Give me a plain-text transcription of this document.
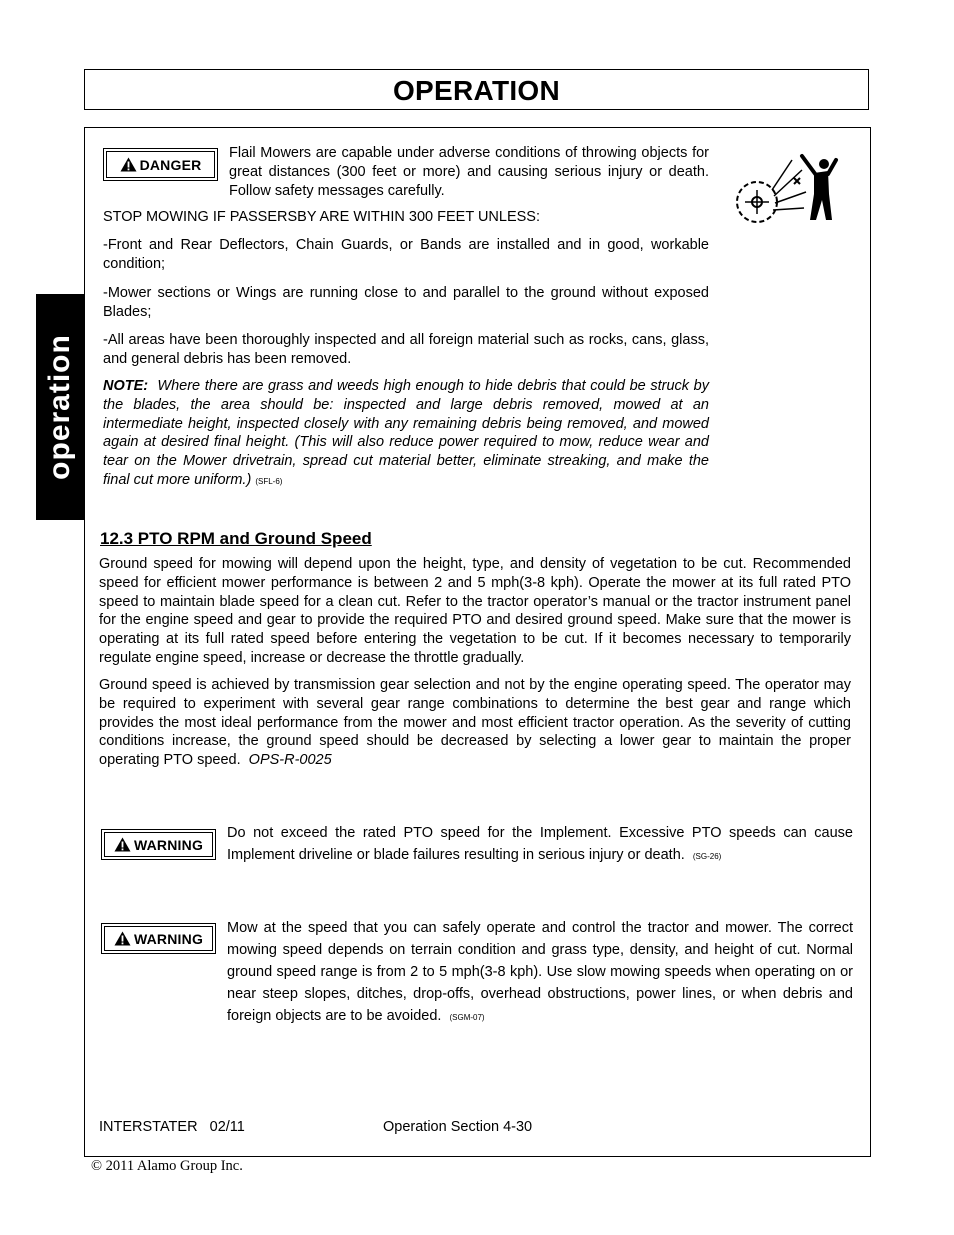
OPERATION
operation
DANGER
Flail Mowers are capable under adverse conditions of throwing objects for great distances (300 feet or more) and causing serious injury or death. Follow safety messages carefully.
STOP MOWING IF PASSERSBY ARE WITHIN 300 FEET UNLESS:
-Front and Rear Deflectors, Chain Guards, or Bands are installed and in good, workable condition;
-Mower sections or Wings are running close to and parallel to the ground without exposed Blades;
-All areas have been thoroughly inspected and all foreign material such as rocks, cans, glass, and general debris has been removed.
NOTE: Where there are grass and weeds high enough to hide debris that could be struck by the blades, the area should be: inspected and large debris removed, mowed at an intermediate height, inspected closely with any remaining debris being removed, and mowed again at desired final height. (This will also reduce power required to mow, reduce wear and tear on the Mower drivetrain, spread cut material better, eliminate streaking, and make the final cut more uniform.) (SFL-6)
12.3 PTO RPM and Ground Speed
Ground speed for mowing will depend upon the height, type, and density of vegetation to be cut. Recommended speed for efficient mower performance is between 2 and 5 mph(3-8 kph). Operate the mower at its full rated PTO speed to maintain blade speed for a clean cut. Refer to the tractor operator’s manual or the tractor instrument panel for the engine speed and gear to provide the required PTO and desired ground speed. Make sure that the mower is operating at its full rated speed before entering the vegetation to be cut. If it becomes necessary to temporarily regulate engine speed, increase or decrease the throttle gradually.
Ground speed is achieved by transmission gear selection and not by the engine operating speed. The operator may be required to experiment with several gear range combinations to determine the best gear and range which provides the most ideal performance from the mower and most efficient tractor operation. As the severity of cutting conditions increase, the ground speed should be decreased by selecting a lower gear to maintain the proper operating PTO speed. OPS-R-0025
WARNING
Do not exceed the rated PTO speed for the Implement. Excessive PTO speeds can cause Implement driveline or blade failures resulting in serious injury or death. (SG-26)
WARNING
Mow at the speed that you can safely operate and control the tractor and mower. The correct mowing speed depends on terrain condition and grass type, density, and height of cut. Normal ground speed range is from 2 to 5 mph(3-8 kph). Use slow mowing speeds when operating on or near steep slopes, ditches, drop-offs, overhead obstructions, power lines, or when debris and foreign objects are to be avoided. (SGM-07)
INTERSTATER   02/11	Operation Section 4-30
© 2011 Alamo Group Inc.
